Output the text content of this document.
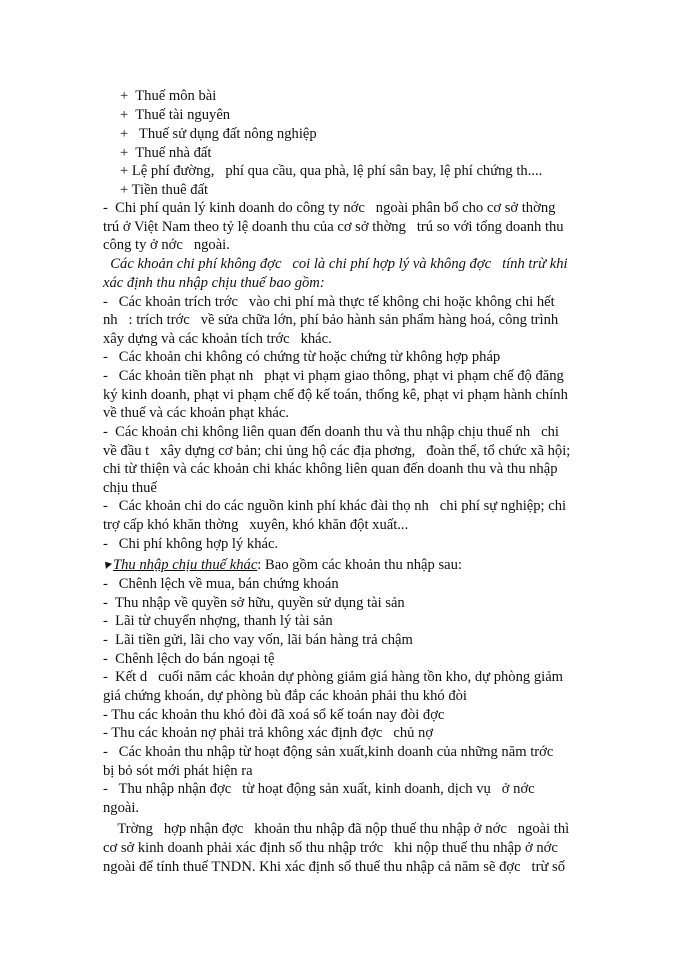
+  Thuế môn bài
+  Thuế tài nguyên
+   Thuế sử dụng đất nông nghiệp
+  Thuế nhà đất
+ Lệ phí đường,   phí qua cầu, qua phà, lệ phí sân bay, lệ phí chứng th....
+ Tiền thuê đất
-  Chi phí quản lý kinh doanh do công ty nớc   ngoài phân bổ cho cơ sở thờng
trú ở Việt Nam theo tỷ lệ doanh thu của cơ sở thờng   trú so với tổng doanh thu
công ty ở nớc   ngoài.
Các khoản chi phí không đợc   coi là chi phí hợp lý và không đợc   tính trừ khi
xác định thu nhập chịu thuế bao gồm:
-   Các khoản trích trớc   vào chi phí mà thực tế không chi hoặc không chi hết
nh   : trích trớc   về sửa chữa lớn, phí bảo hành sản phẩm hàng hoá, công trình
xây dựng và các khoản tích trớc   khác.
-   Các khoản chi không có chứng từ hoặc chứng từ không hợp pháp
-   Các khoản tiền phạt nh   phạt vi phạm giao thông, phạt vi phạm chế độ đăng
ký kinh doanh, phạt vi phạm chế độ kế toán, thống kê, phạt vi phạm hành chính
về thuế và các khoản phạt khác.
-  Các khoản chi không liên quan đến doanh thu và thu nhập chịu thuế nh   chi
về đầu t   xây dựng cơ bản; chi ủng hộ các địa phơng,   đoàn thể, tổ chức xã hội;
chi từ thiện và các khoản chi khác không liên quan đến doanh thu và thu nhập
chịu thuế
-   Các khoản chi do các nguồn kinh phí khác đài thọ nh   chi phí sự nghiệp; chi
trợ cấp khó khăn thờng   xuyên, khó khăn đột xuất...
-   Chi phí không hợp lý khác.
Thu nhập chịu thuế khác: Bao gồm các khoản thu nhập sau:
-   Chênh lệch về mua, bán chứng khoán
-  Thu nhập về quyền sở hữu, quyền sử dụng tài sản
-  Lãi từ chuyển nhợng, thanh lý tài sản
-  Lãi tiền gửi, lãi cho vay vốn, lãi bán hàng trả chậm
-  Chênh lệch do bán ngoại tệ
-  Kết d   cuối năm các khoản dự phòng giảm giá hàng tồn kho, dự phòng giảm
giá chứng khoán, dự phòng bù đắp các khoản phải thu khó đòi
- Thu các khoản thu khó đòi đã xoá sổ kế toán nay đòi đợc
- Thu các khoản nợ phải trả không xác định đợc   chủ nợ
-   Các khoản thu nhập từ hoạt động sản xuất,kinh doanh của những năm trớc
bị bỏ sót mới phát hiện ra
-   Thu nhập nhận đợc   từ hoạt động sản xuất, kinh doanh, dịch vụ   ở nớc
ngoài.
Trờng   hợp nhận đợc   khoản thu nhập đã nộp thuế thu nhập ở nớc   ngoài thì
cơ sở kinh doanh phải xác định số thu nhập trớc   khi nộp thuế thu nhập ở nớc
ngoài để tính thuế TNDN. Khi xác định số thuế thu nhập cả năm sẽ đợc   trừ số
